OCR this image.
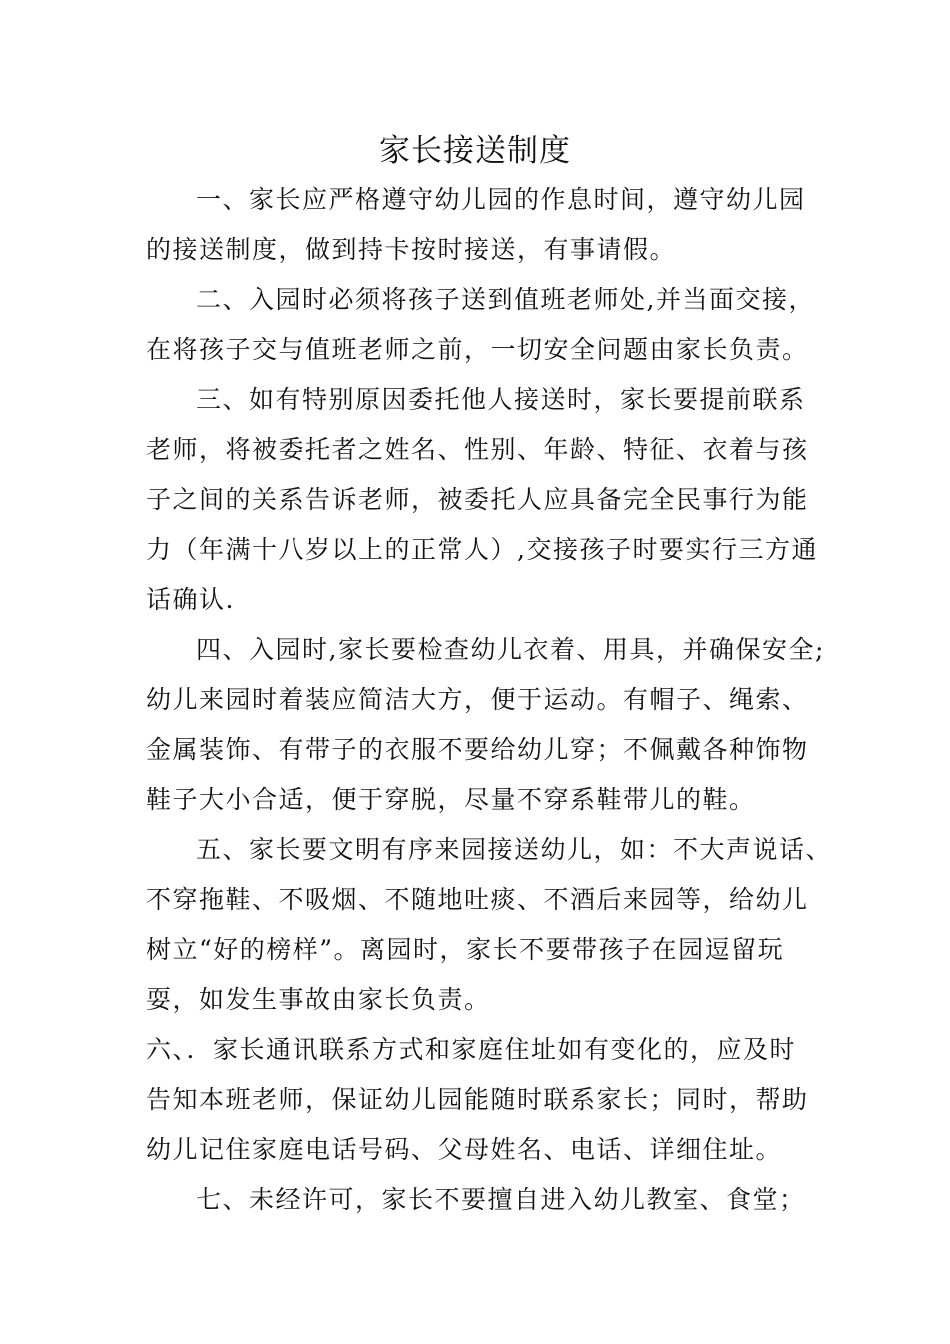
家长接送制度

一、家长应严格遵守幼儿园的作息时间，遵守幼儿园

的接送制度，做到持卡按时接送，有事请假。

二、入园时必须将孩子送到值班老师处,并当面交接，

在将孩子交与值班老师之前，一切安全问题由家长负责。

三、如有特别原因委托他人接送时，家长要提前联系

老师，将被委托者之姓名、性别、年龄、特征、衣着与孩

子之间的关系告诉老师，被委托人应具备完全民事行为能

力（年满十八岁以上的正常人）,交接孩子时要实行三方通

话确认.

四、入园时,家长要检查幼儿衣着、用具，并确保安全;

幼儿来园时着装应简洁大方，便于运动。有帽子、绳索、

金属装饰、有带子的衣服不要给幼儿穿；不佩戴各种饰物

鞋子大小合适，便于穿脱，尽量不穿系鞋带儿的鞋。

五、家长要文明有序来园接送幼儿，如：不大声说话、

不穿拖鞋、不吸烟、不随地吐痰、不酒后来园等，给幼儿

树立“好的榜样”。离园时，家长不要带孩子在园逗留玩

耍，如发生事故由家长负责。

六、．家长通讯联系方式和家庭住址如有变化的，应及时

告知本班老师，保证幼儿园能随时联系家长；同时，帮助

幼儿记住家庭电话号码、父母姓名、电话、详细住址。

七、未经许可，家长不要擅自进入幼儿教室、食堂；
